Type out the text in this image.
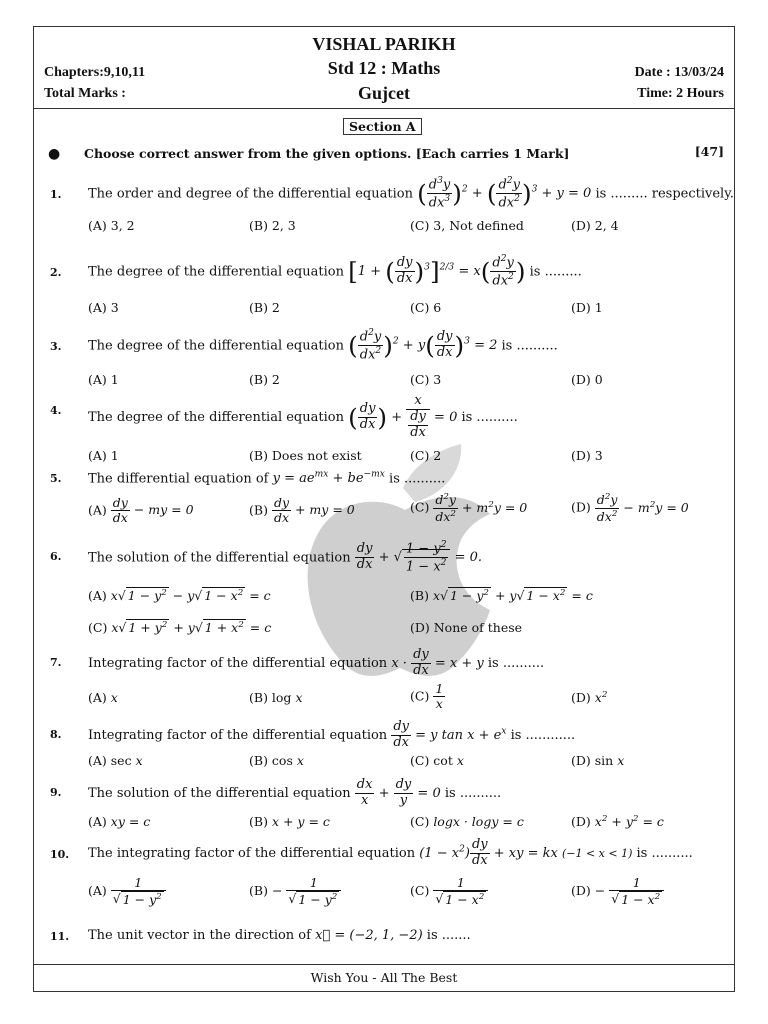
VISHAL PARIKH
Std 12 : Maths
Gujcet
Chapters:9,10,11
Total Marks :
Date : 13/03/24
Time: 2 Hours
Section A
● Choose correct answer from the given options. [Each carries 1 Mark]	[47]
1. The order and degree of the differential equation ( $\frac{d^3y}{dx^3} )^2$ + ( $\frac{d^2y}{dx^2} )^3 + y = 0$ is ......... respectively.
(A) 3, 2	(B) 2, 3	(C) 3, Not defined	(D) 2, 4
2. The degree of the differential equation [1 + ( $\frac{dy}{dx} )^3]^{2/3} = x( \frac{d^2y}{dx^2}$ ) is .........
(A) 3	(B) 2	(C) 6	(D) 1
3. The degree of the differential equation ( $\frac{d^2y}{dx^2} )^2 + y( \frac{dy}{dx} )^3 = 2$ is ..........
(A) 1	(B) 2	(C) 3	(D) 0
4. The degree of the differential equation ( $\frac{dy}{dx}$ ) +
x
$\frac{dy}{dx} = 0$ is ..........
(A) 1	(B) Does not exist	(C) 2	(D) 3
5. The differential equation of $y = ae^{mx} + be^{-mx}$ is ..........
$(A) \frac{dy}{dx}$ − my = 0	$(B) \frac{dy}{dx}$ + my = 0	$(C) \frac{d^2y}{dx^2} + m^2y = 0$	$(D) \frac{d^2y}{dx^2} - m^2y = 0$
6. The solution of the differential equation $\frac{dy}{dx}$ + √ $\frac{1 - y^2}{1 - x^2} = 0$.
(A) x√ $1 - y^2 - y√$ $1 - x^2 = c$	(B) x√ $1 - y^2 + y√$ $1 - x^2 = c$
(C) x√ $1 + y^2 + y√$ $1 + x^2 = c$	(D) None of these
7. Integrating factor of the differential equation $x \cdot \frac{dy}{dx} = x + y$ is ..........
(A) x	(B) log x	$(C) \frac{1}{x}$	(D) $x^2$
8. Integrating factor of the differential equation $\frac{dy}{dx} = y$ $\tan x + e^x$ is ............
(A) sec x	(B) cos x	(C) cot x	(D) sin x
9. The solution of the differential equation $\frac{dx}{x} + \frac{dy}{y} = 0$ is ..........
(A) xy = c	(B) x + y = c	(C) logx · logy = c	(D) $x^2 + y^2 = c$
10. The integrating factor of the differential equation $(1 - x^2) \frac{dy}{dx}$ + xy = kx (−1 < x < 1) is ..........
$(A) \frac{1}{√ 1 - y^2}$	$(B) - \frac{1}{√ 1 - y^2}$	$(C) \frac{1}{√ 1 - x^2}$	$(D) - \frac{1}{√ 1 - x^2}$
11. The unit vector in the direction of x⃗ = (−2, 1, −2) is .......
Wish You - All The Best
